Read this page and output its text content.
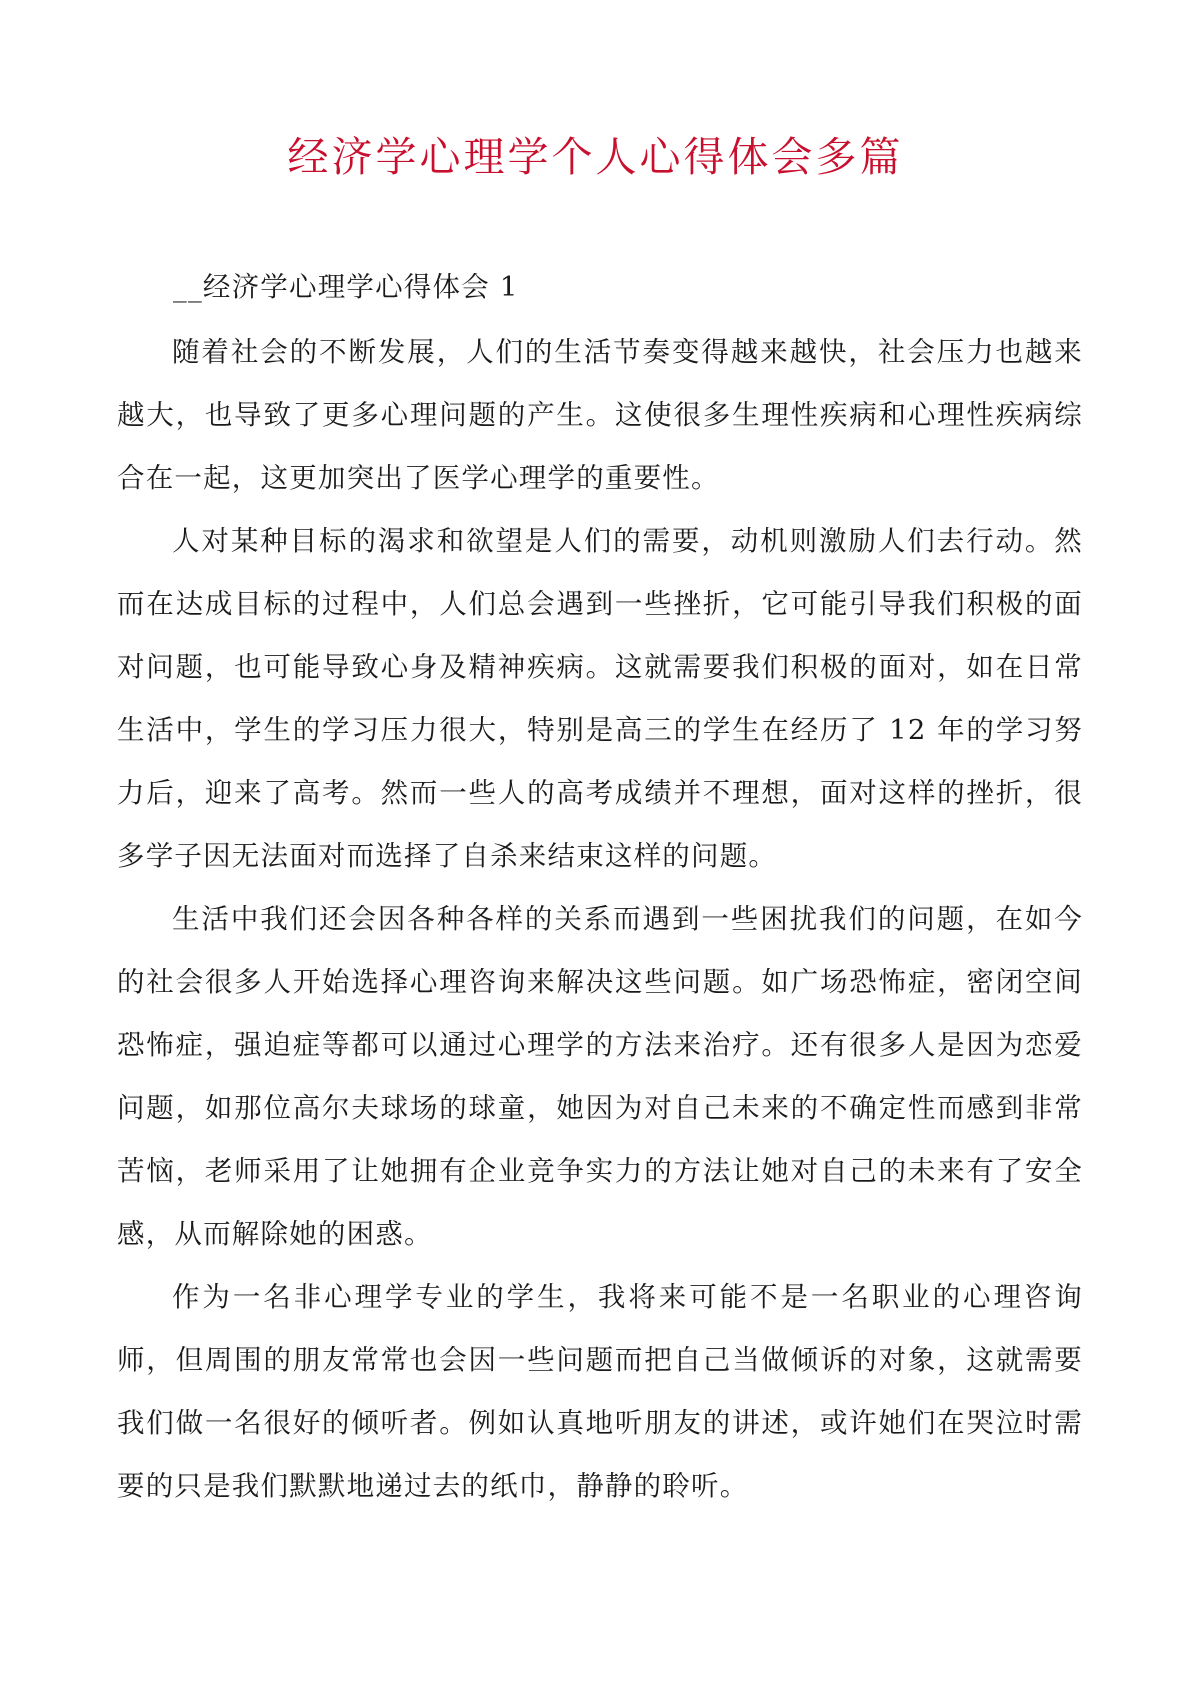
经济学心理学个人心得体会多篇
__经济学心理学心得体会 1

随着社会的不断发展，人们的生活节奏变得越来越快，社会压力也越来越大，也导致了更多心理问题的产生。这使很多生理性疾病和心理性疾病综合在一起，这更加突出了医学心理学的重要性。

人对某种目标的渴求和欲望是人们的需要，动机则激励人们去行动。然而在达成目标的过程中，人们总会遇到一些挫折，它可能引导我们积极的面对问题，也可能导致心身及精神疾病。这就需要我们积极的面对，如在日常生活中，学生的学习压力很大，特别是高三的学生在经历了 12 年的学习努力后，迎来了高考。然而一些人的高考成绩并不理想，面对这样的挫折，很多学子因无法面对而选择了自杀来结束这样的问题。

生活中我们还会因各种各样的关系而遇到一些困扰我们的问题，在如今的社会很多人开始选择心理咨询来解决这些问题。如广场恐怖症，密闭空间恐怖症，强迫症等都可以通过心理学的方法来治疗。还有很多人是因为恋爱问题，如那位高尔夫球场的球童，她因为对自己未来的不确定性而感到非常苦恼，老师采用了让她拥有企业竞争实力的方法让她对自己的未来有了安全感，从而解除她的困惑。

作为一名非心理学专业的学生，我将来可能不是一名职业的心理咨询师，但周围的朋友常常也会因一些问题而把自己当做倾诉的对象，这就需要我们做一名很好的倾听者。例如认真地听朋友的讲述，或许她们在哭泣时需要的只是我们默默地递过去的纸巾，静静的聆听。
